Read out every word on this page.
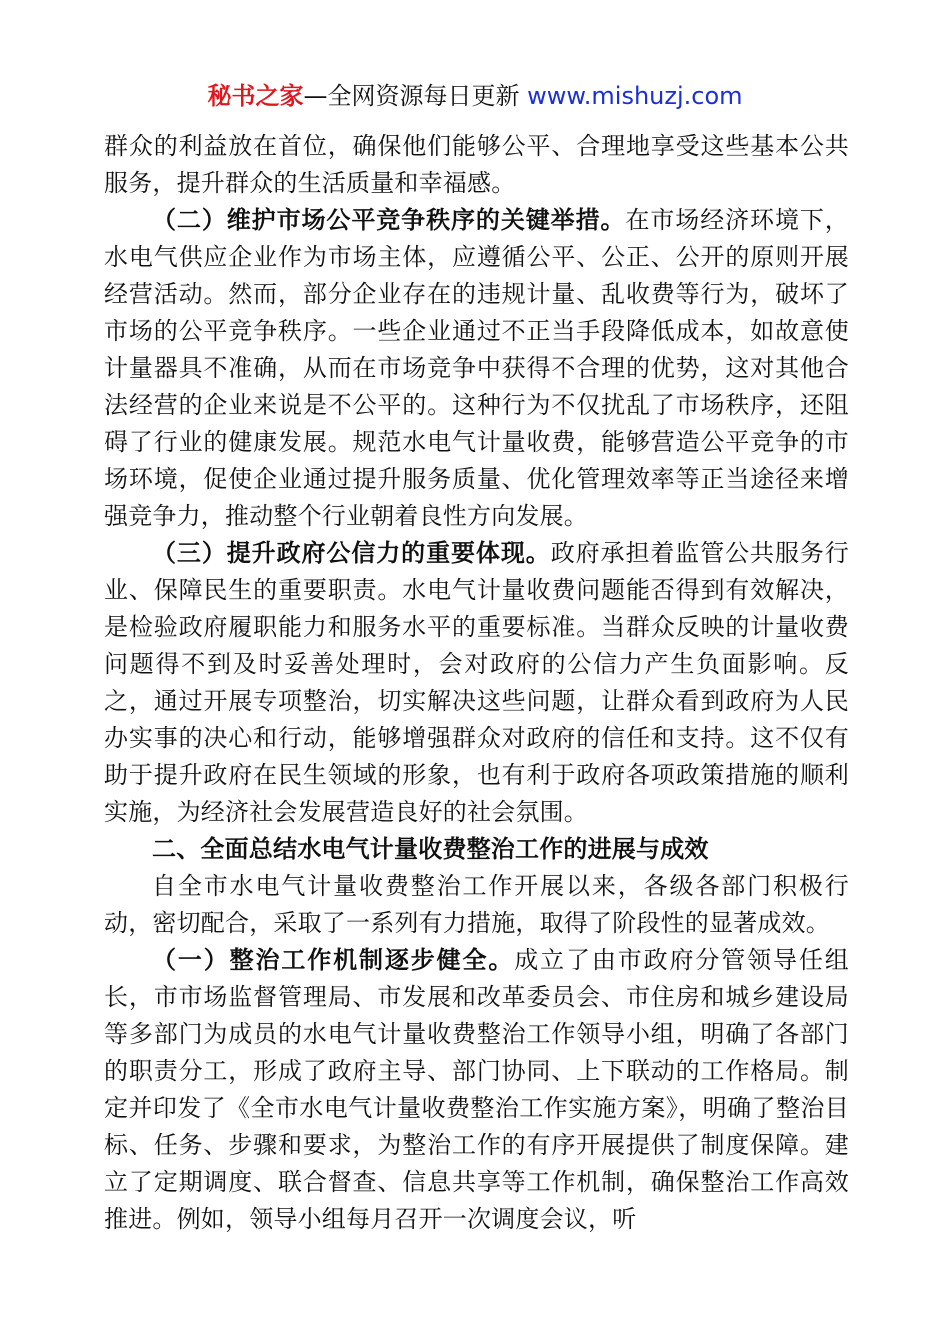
秘书之家—全网资源每日更新 www.mishuzj.com

群众的利益放在首位，确保他们能够公平、合理地享受这些基本公共服务，提升群众的生活质量和幸福感。

（二）维护市场公平竞争秩序的关键举措。在市场经济环境下，水电气供应企业作为市场主体，应遵循公平、公正、公开的原则开展经营活动。然而，部分企业存在的违规计量、乱收费等行为，破坏了市场的公平竞争秩序。一些企业通过不正当手段降低成本，如故意使计量器具不准确，从而在市场竞争中获得不合理的优势，这对其他合法经营的企业来说是不公平的。这种行为不仅扰乱了市场秩序，还阻碍了行业的健康发展。规范水电气计量收费，能够营造公平竞争的市场环境，促使企业通过提升服务质量、优化管理效率等正当途径来增强竞争力，推动整个行业朝着良性方向发展。

（三）提升政府公信力的重要体现。政府承担着监管公共服务行业、保障民生的重要职责。水电气计量收费问题能否得到有效解决，是检验政府履职能力和服务水平的重要标准。当群众反映的计量收费问题得不到及时妥善处理时，会对政府的公信力产生负面影响。反之，通过开展专项整治，切实解决这些问题，让群众看到政府为人民办实事的决心和行动，能够增强群众对政府的信任和支持。这不仅有助于提升政府在民生领域的形象，也有利于政府各项政策措施的顺利实施，为经济社会发展营造良好的社会氛围。

二、全面总结水电气计量收费整治工作的进展与成效

自全市水电气计量收费整治工作开展以来，各级各部门积极行动，密切配合，采取了一系列有力措施，取得了阶段性的显著成效。

（一）整治工作机制逐步健全。成立了由市政府分管领导任组长，市市场监督管理局、市发展和改革委员会、市住房和城乡建设局等多部门为成员的水电气计量收费整治工作领导小组，明确了各部门的职责分工，形成了政府主导、部门协同、上下联动的工作格局。制定并印发了《全市水电气计量收费整治工作实施方案》，明确了整治目标、任务、步骤和要求，为整治工作的有序开展提供了制度保障。建立了定期调度、联合督查、信息共享等工作机制，确保整治工作高效推进。例如，领导小组每月召开一次调度会议，听
